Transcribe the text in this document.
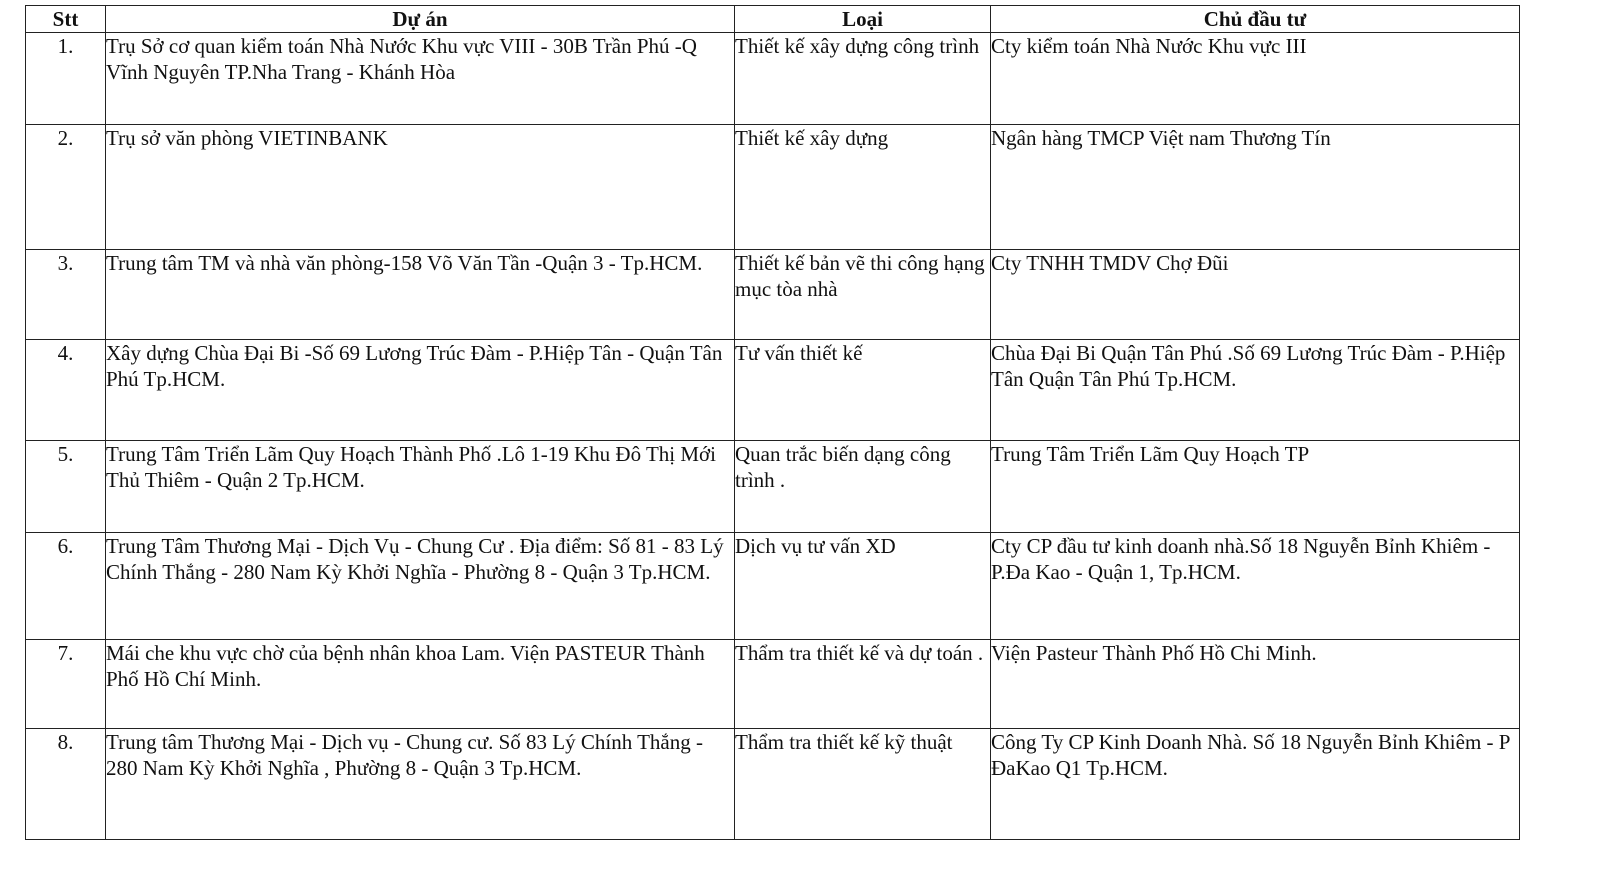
Stt	Dự án	Loại	Chủ đầu tư
1.	Trụ Sở cơ quan kiểm toán Nhà Nước Khu vực VIII - 30B Trần Phú -Q Vĩnh Nguyên TP.Nha Trang - Khánh Hòa	Thiết kế xây dựng công trình	Cty kiểm toán Nhà Nước Khu vực III
2.	Trụ sở văn phòng VIETINBANK	Thiết kế xây dựng	Ngân hàng TMCP Việt nam Thương Tín
3.	Trung tâm TM và nhà văn phòng-158 Võ Văn Tần -Quận 3 - Tp.HCM.	Thiết kế bản vẽ thi công hạng mục tòa nhà	Cty TNHH TMDV Chợ Đũi
4.	Xây dựng Chùa Đại Bi -Số 69 Lương Trúc Đàm - P.Hiệp Tân - Quận Tân Phú Tp.HCM.	Tư vấn thiết kế	Chùa Đại Bi Quận Tân Phú .Số 69 Lương Trúc Đàm - P.Hiệp Tân Quận Tân Phú Tp.HCM.
5.	Trung Tâm Triển Lãm Quy Hoạch Thành Phố .Lô 1-19 Khu Đô Thị Mới Thủ Thiêm - Quận 2 Tp.HCM.	Quan trắc biến dạng công trình .	Trung Tâm Triển Lãm Quy Hoạch TP
6.	Trung Tâm Thương Mại - Dịch Vụ - Chung Cư . Địa điểm: Số 81 - 83 Lý Chính Thắng - 280 Nam Kỳ Khởi Nghĩa - Phường 8 - Quận 3 Tp.HCM.	Dịch vụ tư vấn XD	Cty CP đầu tư kinh doanh nhà.Số 18 Nguyễn Bỉnh Khiêm - P.Đa Kao - Quận 1, Tp.HCM.
7.	Mái che khu vực chờ của bệnh nhân khoa Lam. Viện PASTEUR Thành Phố Hồ Chí Minh.	Thẩm tra thiết kế và dự toán .	Viện Pasteur Thành Phố Hồ Chi Minh.
8.	Trung tâm Thương Mại - Dịch vụ - Chung cư. Số 83 Lý Chính Thắng - 280 Nam Kỳ Khởi Nghĩa , Phường 8 - Quận 3 Tp.HCM.	Thẩm tra thiết kế kỹ thuật	Công Ty CP Kinh Doanh Nhà. Số 18 Nguyễn Bỉnh Khiêm - P ĐaKao Q1 Tp.HCM.
